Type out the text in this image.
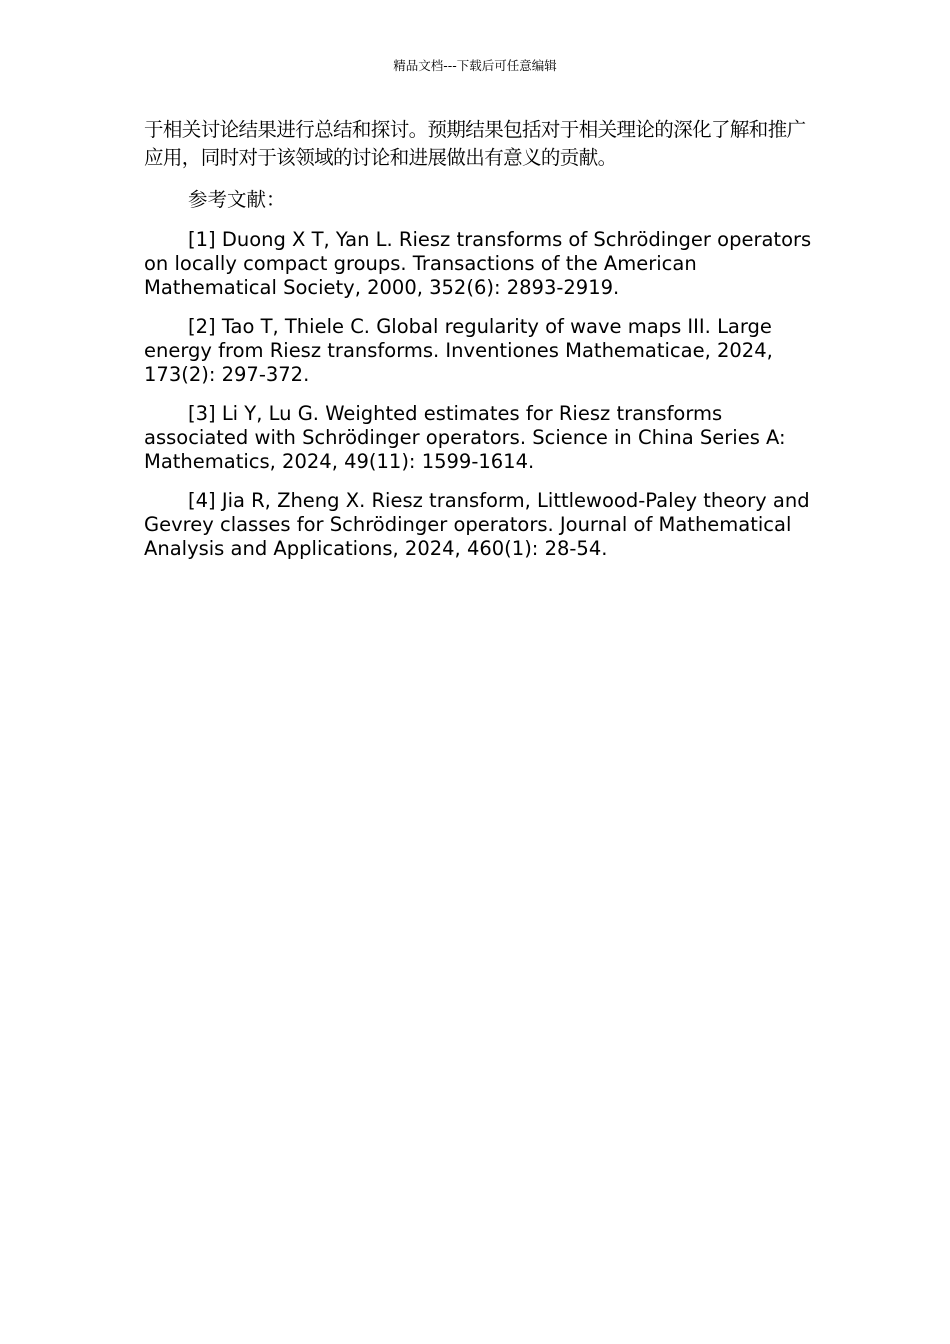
精品文档---下载后可任意编辑

于相关讨论结果进行总结和探讨。预期结果包括对于相关理论的深化了解和推广应用，同时对于该领域的讨论和进展做出有意义的贡献。

参考文献：

[1] Duong X T, Yan L. Riesz transforms of Schrödinger operators on locally compact groups. Transactions of the American Mathematical Society, 2000, 352(6): 2893-2919.

[2] Tao T, Thiele C. Global regularity of wave maps III. Large energy from Riesz transforms. Inventiones Mathematicae, 2024, 173(2): 297-372.

[3] Li Y, Lu G. Weighted estimates for Riesz transforms associated with Schrödinger operators. Science in China Series A: Mathematics, 2024, 49(11): 1599-1614.

[4] Jia R, Zheng X. Riesz transform, Littlewood-Paley theory and Gevrey classes for Schrödinger operators. Journal of Mathematical Analysis and Applications, 2024, 460(1): 28-54.
